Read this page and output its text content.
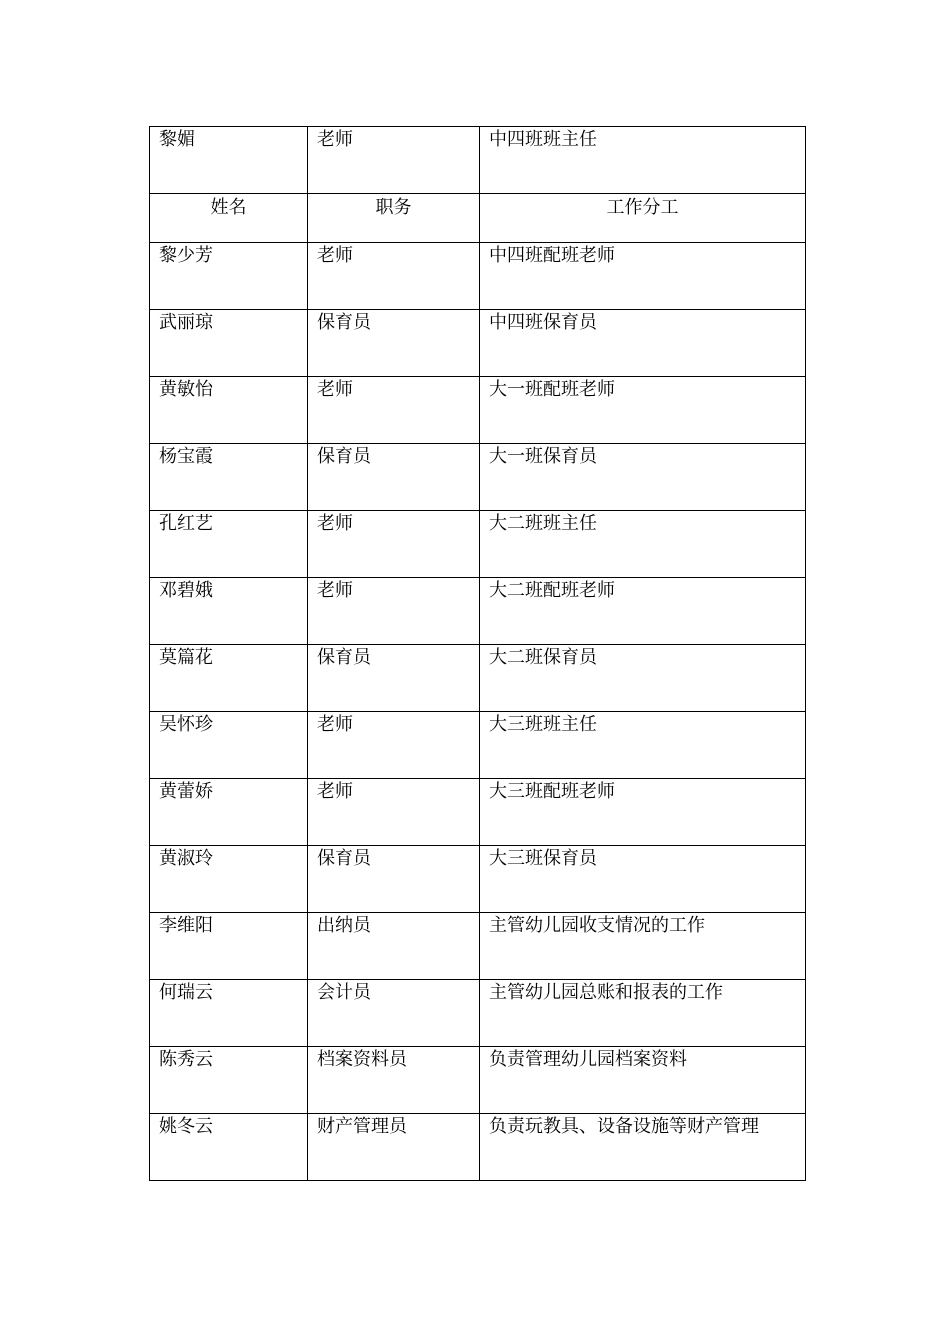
黎媚	老师	中四班班主任
姓名	职务	工作分工
黎少芳	老师	中四班配班老师
武丽琼	保育员	中四班保育员
黄敏怡	老师	大一班配班老师
杨宝霞	保育员	大一班保育员
孔红艺	老师	大二班班主任
邓碧娥	老师	大二班配班老师
莫篇花	保育员	大二班保育员
吴怀珍	老师	大三班班主任
黄蕾娇	老师	大三班配班老师
黄淑玲	保育员	大三班保育员
李维阳	出纳员	主管幼儿园收支情况的工作
何瑞云	会计员	主管幼儿园总账和报表的工作
陈秀云	档案资料员	负责管理幼儿园档案资料
姚冬云	财产管理员	负责玩教具、设备设施等财产管理
